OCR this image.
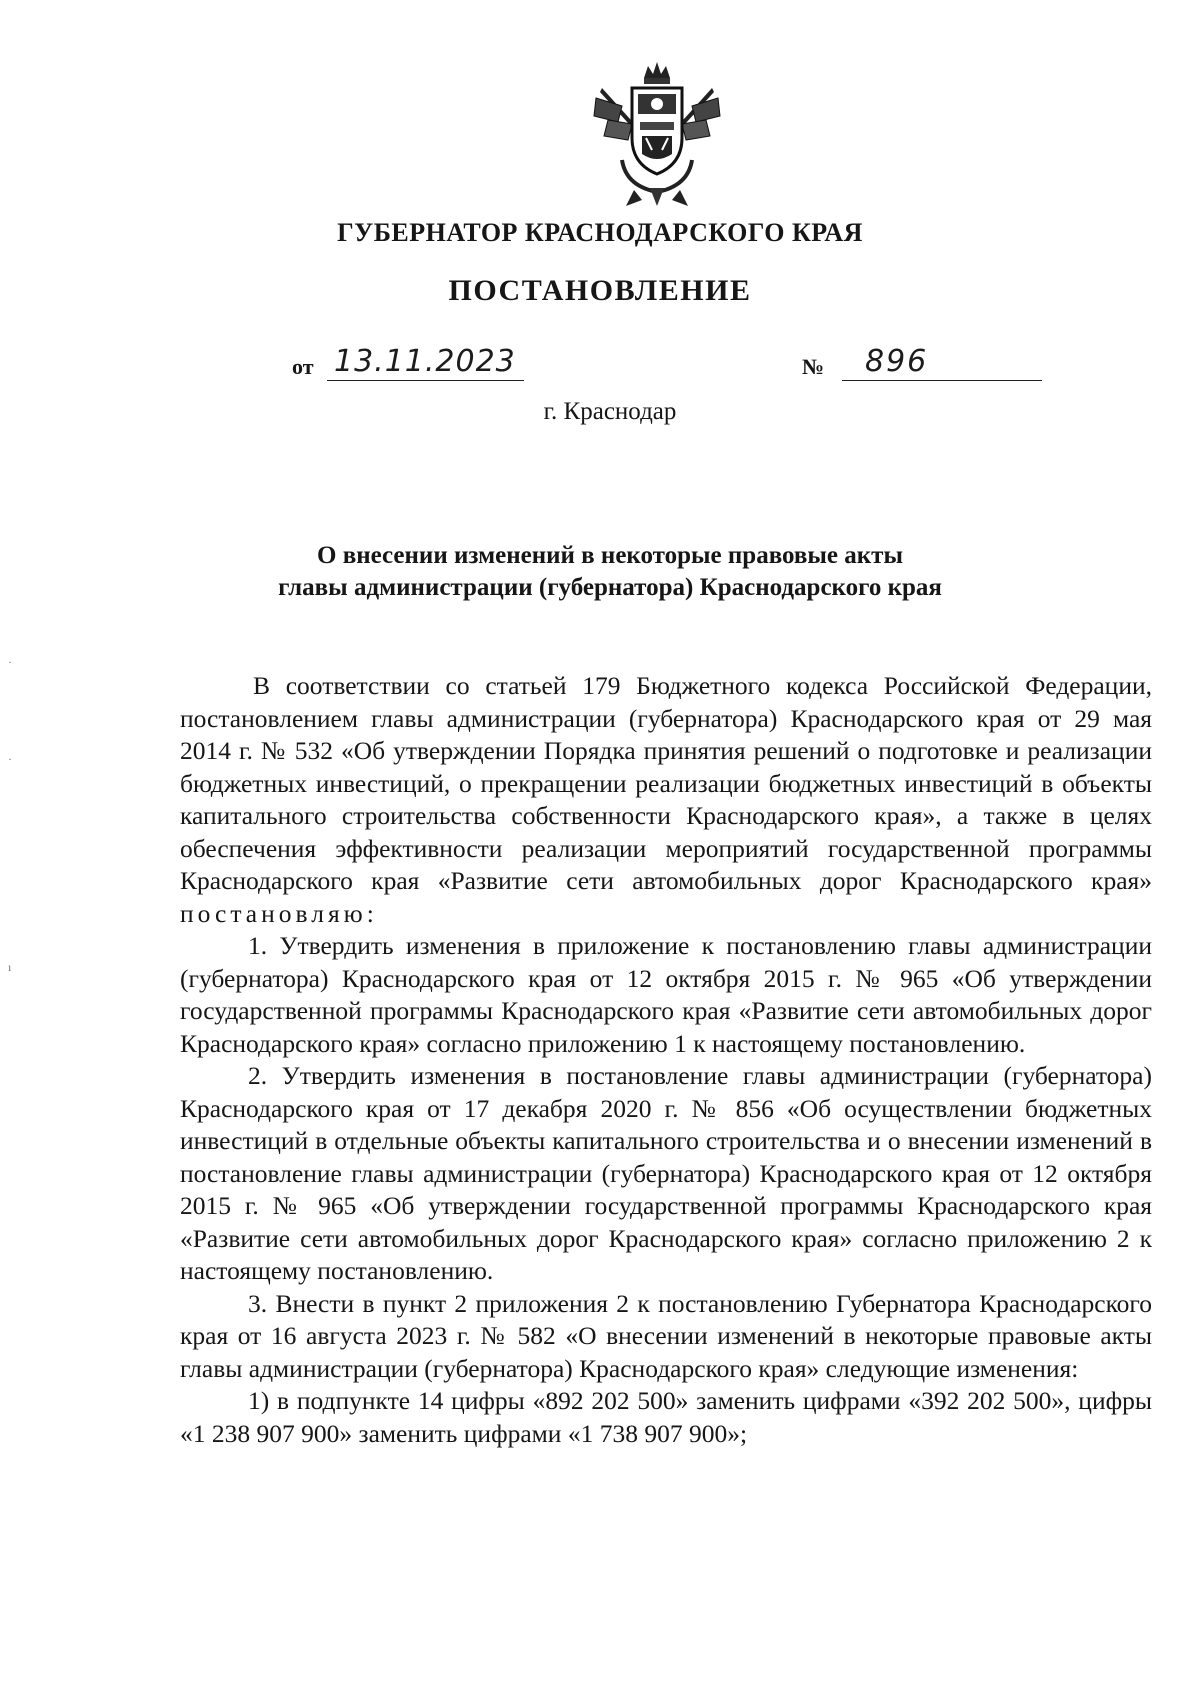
ГУБЕРНАТОР КРАСНОДАРСКОГО КРАЯ
ПОСТАНОВЛЕНИЕ
от 13.11.2023	№ 896
г. Краснодар
О внесении изменений в некоторые правовые акты
главы администрации (губернатора) Краснодарского края

В соответствии со статьей 179 Бюджетного кодекса Российской Федерации, постановлением главы администрации (губернатора) Краснодарского края от 29 мая 2014 г. № 532 «Об утверждении Порядка принятия решений о подготовке и реализации бюджетных инвестиций, о прекращении реализации бюджетных инвестиций в объекты капитального строительства собственности Краснодарского края», а также в целях обеспечения эффективности реализации мероприятий государственной программы Краснодарского края «Развитие сети автомобильных дорог Краснодарского края» постановляю:

1. Утвердить изменения в приложение к постановлению главы администрации (губернатора) Краснодарского края от 12 октября 2015 г. № 965 «Об утверждении государственной программы Краснодарского края «Развитие сети автомобильных дорог Краснодарского края» согласно приложению 1 к настоящему постановлению.

2. Утвердить изменения в постановление главы администрации (губернатора) Краснодарского края от 17 декабря 2020 г. № 856 «Об осуществлении бюджетных инвестиций в отдельные объекты капитального строительства и о внесении изменений в постановление главы администрации (губернатора) Краснодарского края от 12 октября 2015 г. № 965 «Об утверждении государственной программы Краснодарского края «Развитие сети автомобильных дорог Краснодарского края» согласно приложению 2 к настоящему постановлению.

3. Внести в пункт 2 приложения 2 к постановлению Губернатора Краснодарского края от 16 августа 2023 г. № 582 «О внесении изменений в некоторые правовые акты главы администрации (губернатора) Краснодарского края» следующие изменения:

1) в подпункте 14 цифры «892 202 500» заменить цифрами «392 202 500», цифры «1 238 907 900» заменить цифрами «1 738 907 900»;

·
·
ı
